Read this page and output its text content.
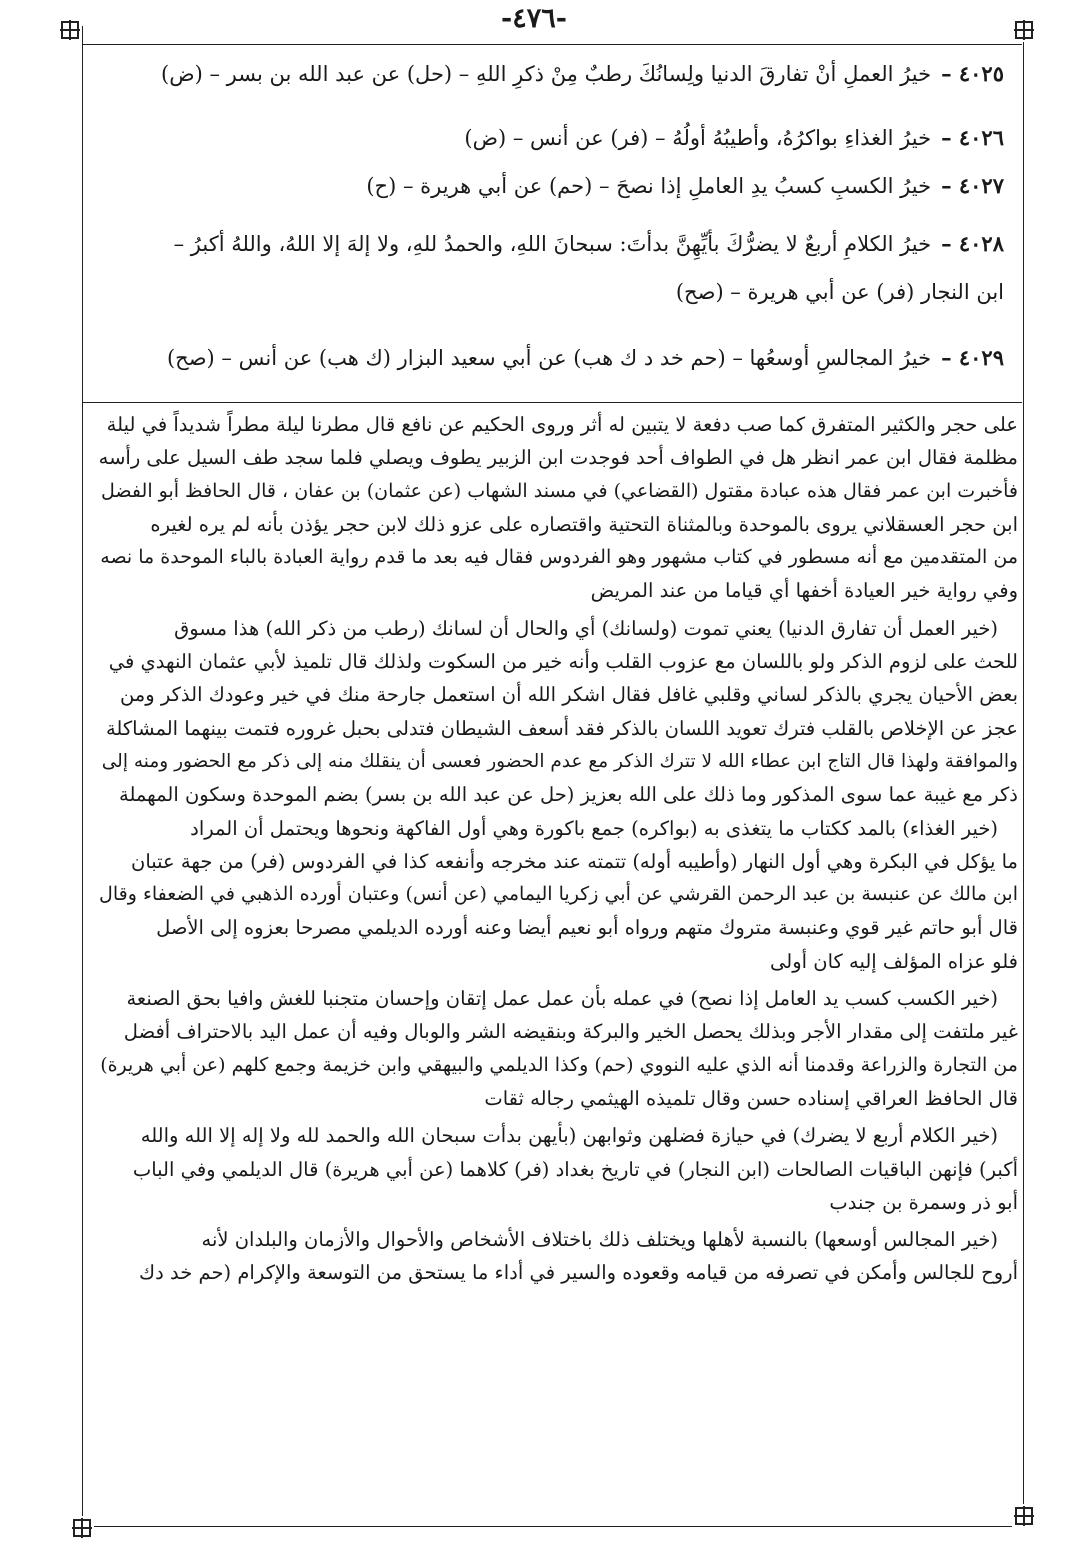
-٤٧٦-
٤٠٢٥ –خيرُ العملِ أنْ تفارقَ الدنيا ولِسانُكَ رطبٌ مِنْ ذكرِ اللهِ – (حل) عن عبد الله بن بسر – (ض)
٤٠٢٦ –خيرُ الغذاءِ بواكرُهُ، وأطيبُهُ أولُهُ – (فر) عن أنس – (ض)
٤٠٢٧ –خيرُ الكسبِ كسبُ يدِ العاملِ إذا نصحَ – (حم) عن أبي هريرة – (ح)
٤٠٢٨ –خيرُ الكلامِ أربعٌ لا يضرُّكَ بأيِّهِنَّ بدأتَ: سبحانَ اللهِ، والحمدُ للهِ، ولا إلهَ إلا اللهُ، واللهُ أكبرُ –
ابن النجار (فر) عن أبي هريرة – (صح)
٤٠٢٩ –خيرُ المجالسِ أوسعُها – (حم خد د ك هب) عن أبي سعيد البزار (ك هب) عن أنس – (صح)

على حجر والكثير المتفرق كما صب دفعة لا يتبين له أثر وروى الحكيم عن نافع قال مطرنا ليلة مطراً شديداً في ليلة

مظلمة فقال ابن عمر انظر هل في الطواف أحد فوجدت ابن الزبير يطوف ويصلي فلما سجد طف السيل على رأسه

فأخبرت ابن عمر فقال هذه عبادة مقتول (القضاعي) في مسند الشهاب (عن عثمان) بن عفان ، قال الحافظ أبو الفضل

ابن حجر العسقلاني يروى بالموحدة وبالمثناة التحتية واقتصاره على عزو ذلك لابن حجر يؤذن بأنه لم يره لغيره

من المتقدمين مع أنه مسطور في كتاب مشهور وهو الفردوس فقال فيه بعد ما قدم رواية العبادة بالباء الموحدة ما نصه

وفي رواية خير العيادة أخفها أي قياما من عند المريض

(خير العمل أن تفارق الدنيا) يعني تموت (ولسانك) أي والحال أن لسانك (رطب من ذكر الله) هذا مسوق

للحث على لزوم الذكر ولو باللسان مع عزوب القلب وأنه خير من السكوت ولذلك قال تلميذ لأبي عثمان النهدي في

بعض الأحيان يجري بالذكر لساني وقلبي غافل فقال اشكر الله أن استعمل جارحة منك في خير وعودك الذكر ومن

عجز عن الإخلاص بالقلب فترك تعويد اللسان بالذكر فقد أسعف الشيطان فتدلى بحبل غروره فتمت بينهما المشاكلة

والموافقة ولهذا قال التاج ابن عطاء الله لا تترك الذكر مع عدم الحضور فعسى أن ينقلك منه إلى ذكر مع الحضور ومنه إلى

ذكر مع غيبة عما سوى المذكور وما ذلك على الله بعزيز (حل عن عبد الله بن بسر) بضم الموحدة وسكون المهملة

(خير الغذاء) بالمد ككتاب ما يتغذى به (بواكره) جمع باكورة وهي أول الفاكهة ونحوها ويحتمل أن المراد

ما يؤكل في البكرة وهي أول النهار (وأطيبه أوله) تتمته عند مخرجه وأنفعه كذا في الفردوس (فر) من جهة عتبان

ابن مالك عن عنبسة بن عبد الرحمن القرشي عن أبي زكريا اليمامي (عن أنس) وعتبان أورده الذهبي في الضعفاء وقال

قال أبو حاتم غير قوي وعنبسة متروك متهم ورواه أبو نعيم أيضا وعنه أورده الديلمي مصرحا بعزوه إلى الأصل

فلو عزاه المؤلف إليه كان أولى

(خير الكسب كسب يد العامل إذا نصح) في عمله بأن عمل عمل إتقان وإحسان متجنبا للغش وافيا بحق الصنعة

غير ملتفت إلى مقدار الأجر وبذلك يحصل الخير والبركة وبنقيضه الشر والوبال وفيه أن عمل اليد بالاحتراف أفضل

من التجارة والزراعة وقدمنا أنه الذي عليه النووي (حم) وكذا الديلمي والبيهقي وابن خزيمة وجمع كلهم (عن أبي هريرة)

قال الحافظ العراقي إسناده حسن وقال تلميذه الهيثمي رجاله ثقات

(خير الكلام أربع لا يضرك) في حيازة فضلهن وثوابهن (بأيهن بدأت سبحان الله والحمد لله ولا إله إلا الله والله

أكبر) فإنهن الباقيات الصالحات (ابن النجار) في تاريخ بغداد (فر) كلاهما (عن أبي هريرة) قال الديلمي وفي الباب

أبو ذر وسمرة بن جندب

(خير المجالس أوسعها) بالنسبة لأهلها ويختلف ذلك باختلاف الأشخاص والأحوال والأزمان والبلدان لأنه

أروح للجالس وأمكن في تصرفه من قيامه وقعوده والسير في أداء ما يستحق من التوسعة والإكرام (حم خد دك
